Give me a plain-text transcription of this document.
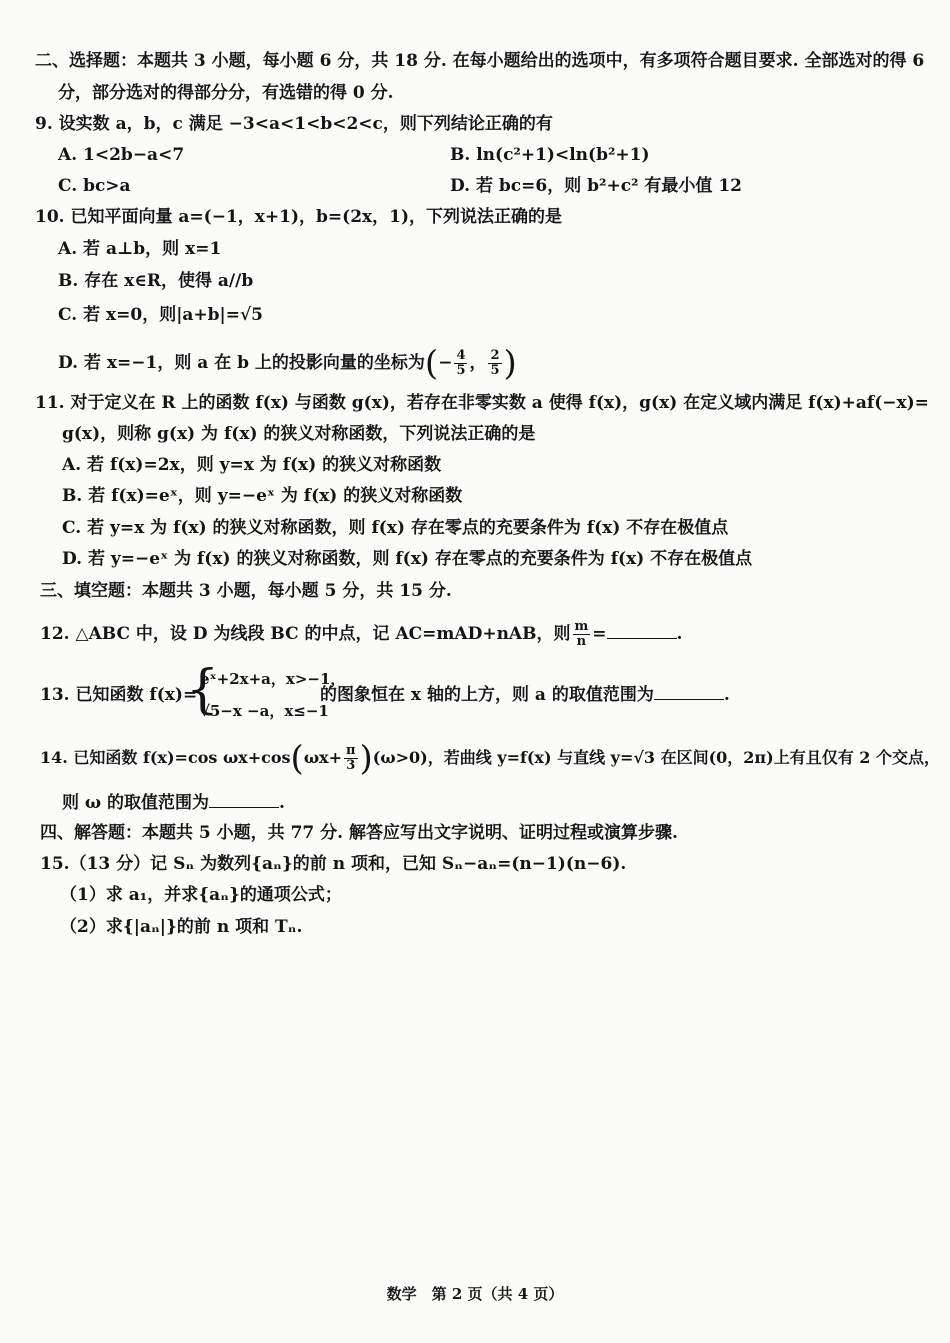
二、选择题：本题共 3 小题，每小题 6 分，共 18 分. 在每小题给出的选项中，有多项符合题目要求. 全部选对的得 6
分，部分选对的得部分分，有选错的得 0 分.
9. 设实数 a，b，c 满足 −3<a<1<b<2<c，则下列结论正确的有
A. 1<2b−a<7	B. ln(c²+1)<ln(b²+1)
C. bc>a	D. 若 bc=6，则 b²+c² 有最小值 12
10. 已知平面向量 a=(−1，x+1)，b=(2x，1)，下列说法正确的是
A. 若 a⊥b，则 x=1
B. 存在 x∈R，使得 a//b
C. 若 x=0，则|a+b|=√5
D. 若 x=−1，则 a 在 b 上的投影向量的坐标为(− $\frac{4}{5}$ ， $\frac{2}{5}$ )
11. 对于定义在 R 上的函数 f(x) 与函数 g(x)，若存在非零实数 a 使得 f(x)，g(x) 在定义域内满足 f(x)+af(−x)=
g(x)，则称 g(x) 为 f(x) 的狭义对称函数，下列说法正确的是
A. 若 f(x)=2x，则 y=x 为 f(x) 的狭义对称函数
B. 若 f(x)=eˣ，则 y=−eˣ 为 f(x) 的狭义对称函数
C. 若 y=x 为 f(x) 的狭义对称函数，则 f(x) 存在零点的充要条件为 f(x) 不存在极值点
D. 若 y=−eˣ 为 f(x) 的狭义对称函数，则 f(x) 存在零点的充要条件为 f(x) 不存在极值点
三、填空题：本题共 3 小题，每小题 5 分，共 15 分.
12. △ABC 中，设 D 为线段 BC 的中点，记 AC=mAD+nAB，则 $\frac{m}{n}$ =	.
13. 已知函数 f(x)=
{
eˣ+2x+a，x>−1，
√5−x −a，x≤−1
的图象恒在 x 轴的上方，则 a 的取值范围为	.
14. 已知函数 f(x)=cos $\omega x+\cos(\omega x+ \frac{\pi}{3} )(\omega>0)$，若曲线 y=f(x) 与直线 y=√3 在区间(0，2π)上有且仅有 2 个交点，
则 ω 的取值范围为	.
四、解答题：本题共 5 小题，共 77 分. 解答应写出文字说明、证明过程或演算步骤.
15.（13 分）记 Sₙ 为数列{aₙ}的前 n 项和，已知 Sₙ−aₙ=(n−1)(n−6).
（1）求 a₁，并求{aₙ}的通项公式；
（2）求{|aₙ|}的前 n 项和 Tₙ.
数学　第 2 页（共 4 页）
